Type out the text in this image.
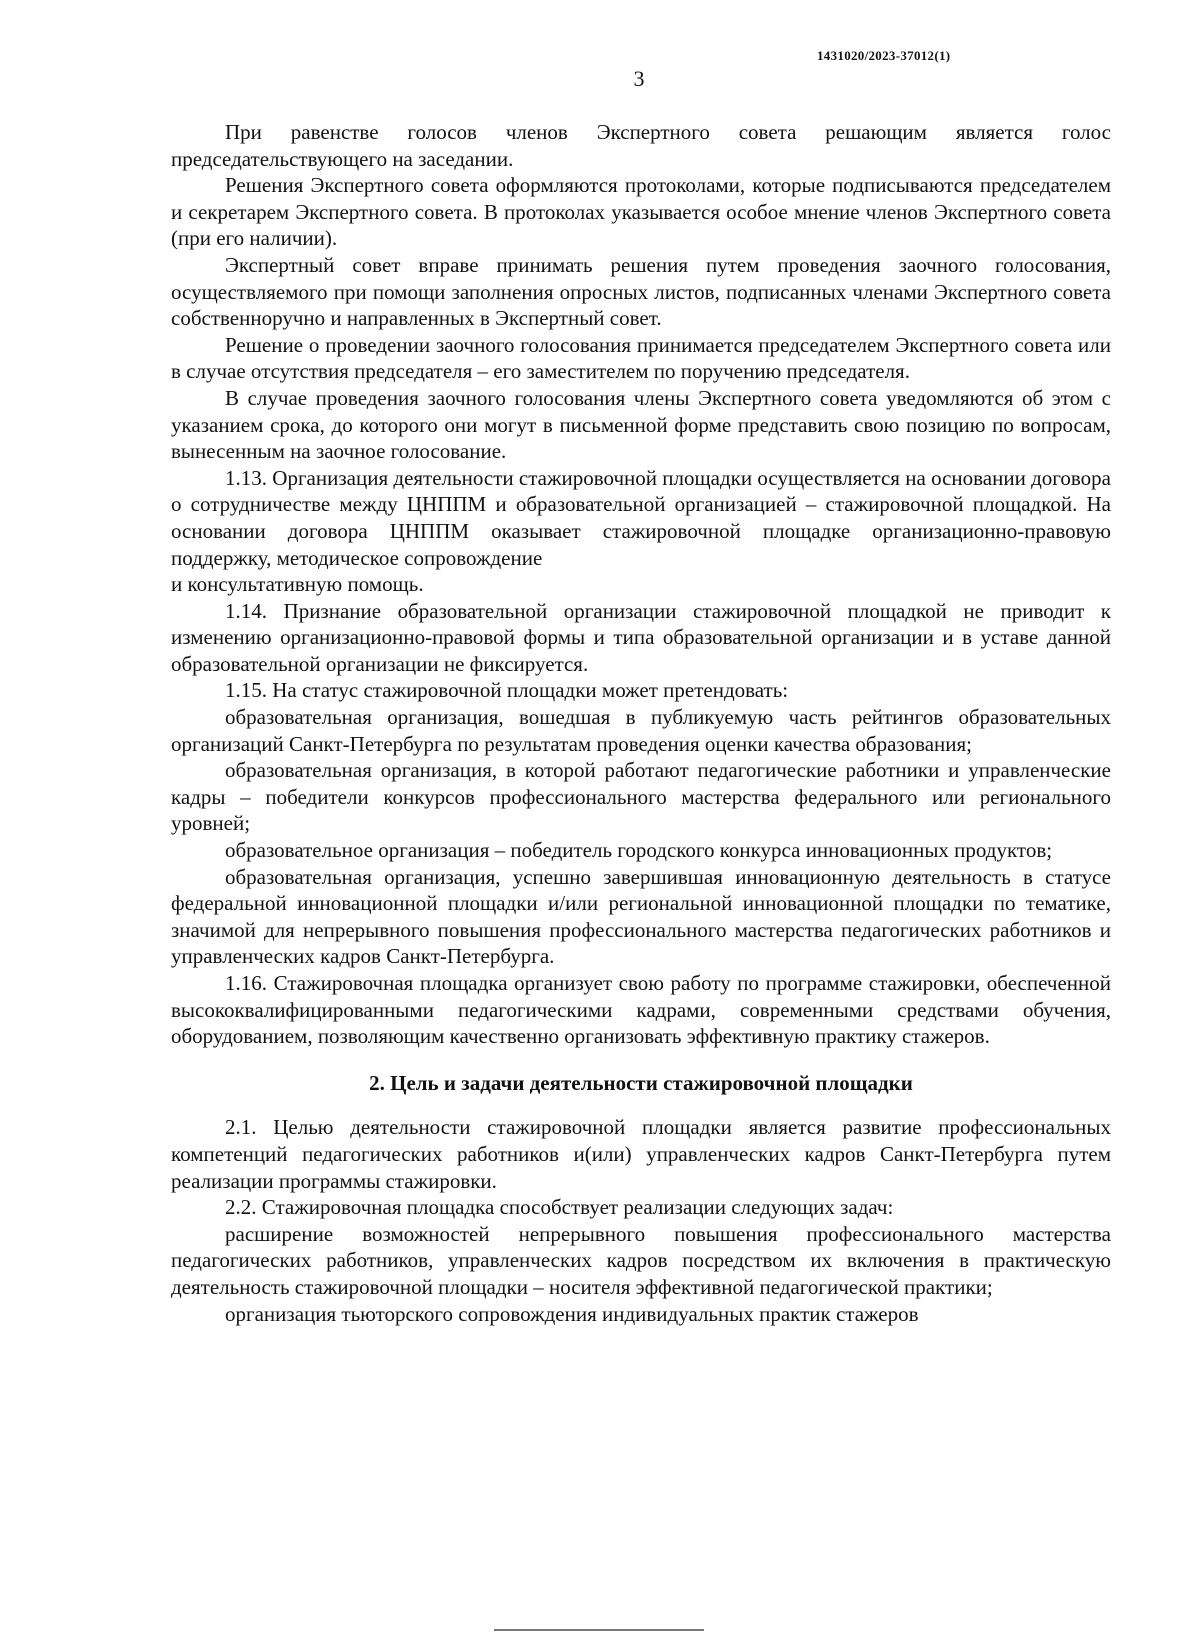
1431020/2023-37012(1)
3

При равенстве голосов членов Экспертного совета решающим является голос председательствующего на заседании.

Решения Экспертного совета оформляются протоколами, которые подписываются председателем и секретарем Экспертного совета. В протоколах указывается особое мнение членов Экспертного совета (при его наличии).

Экспертный совет вправе принимать решения путем проведения заочного голосования, осуществляемого при помощи заполнения опросных листов, подписанных членами Экспертного совета собственноручно и направленных в Экспертный совет.

Решение о проведении заочного голосования принимается председателем Экспертного совета или в случае отсутствия председателя – его заместителем по поручению председателя.

В случае проведения заочного голосования члены Экспертного совета уведомляются об этом с указанием срока, до которого они могут в письменной форме представить свою позицию по вопросам, вынесенным на заочное голосование.

1.13. Организация деятельности стажировочной площадки осуществляется на основании договора о сотрудничестве между ЦНППМ и образовательной организацией – стажировочной площадкой. На основании договора ЦНППМ оказывает стажировочной площадке организационно-правовую поддержку, методическое сопровождение

и консультативную помощь.

1.14. Признание образовательной организации стажировочной площадкой не приводит к изменению организационно-правовой формы и типа образовательной организации и в уставе данной образовательной организации не фиксируется.

1.15. На статус стажировочной площадки может претендовать:

образовательная организация, вошедшая в публикуемую часть рейтингов образовательных организаций Санкт-Петербурга по результатам проведения оценки качества образования;

образовательная организация, в которой работают педагогические работники и управленческие кадры – победители конкурсов профессионального мастерства федерального или регионального уровней;

образовательное организация – победитель городского конкурса инновационных продуктов;

образовательная организация, успешно завершившая инновационную деятельность в статусе федеральной инновационной площадки и/или региональной инновационной площадки по тематике, значимой для непрерывного повышения профессионального мастерства педагогических работников и управленческих кадров Санкт-Петербурга.

1.16. Стажировочная площадка организует свою работу по программе стажировки, обеспеченной высококвалифицированными педагогическими кадрами, современными средствами обучения, оборудованием, позволяющим качественно организовать эффективную практику стажеров.

2. Цель и задачи деятельности стажировочной площадки

2.1. Целью деятельности стажировочной площадки является развитие профессиональных компетенций педагогических работников и(или) управленческих кадров Санкт-Петербурга путем реализации программы стажировки.

2.2. Стажировочная площадка способствует реализации следующих задач:

расширение возможностей непрерывного повышения профессионального мастерства педагогических работников, управленческих кадров посредством их включения в практическую деятельность стажировочной площадки – носителя эффективной педагогической практики;

организация тьюторского сопровождения индивидуальных практик стажеров
